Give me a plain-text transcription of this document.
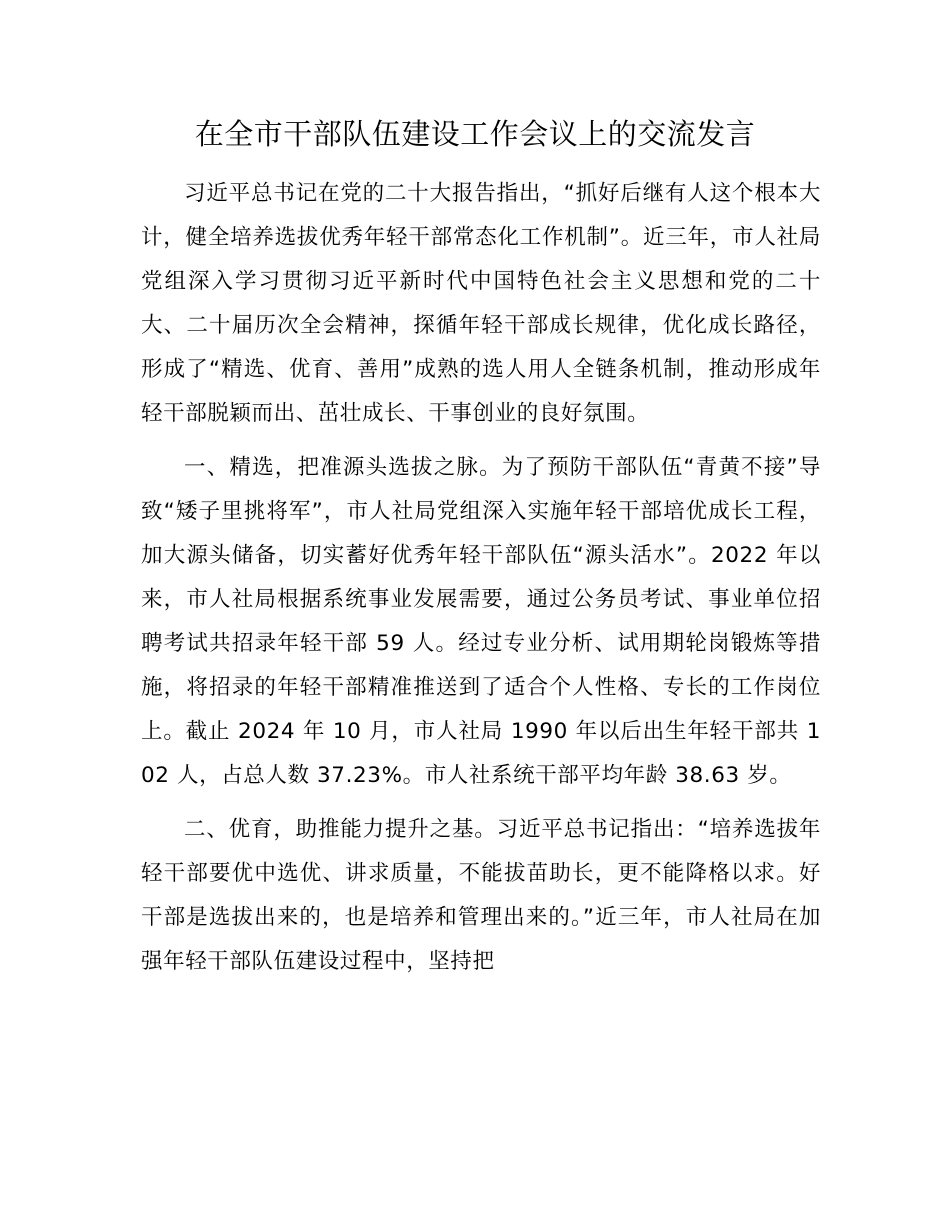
在全市干部队伍建设工作会议上的交流发言

习近平总书记在党的二十大报告指出，“抓好后继有人这个根本大计，健全培养选拔优秀年轻干部常态化工作机制”。近三年，市人社局党组深入学习贯彻习近平新时代中国特色社会主义思想和党的二十大、二十届历次全会精神，探循年轻干部成长规律，优化成长路径，形成了“精选、优育、善用”成熟的选人用人全链条机制，推动形成年轻干部脱颖而出、茁壮成长、干事创业的良好氛围。

一、精选，把准源头选拔之脉。为了预防干部队伍“青黄不接”导致“矮子里挑将军”，市人社局党组深入实施年轻干部培优成长工程，加大源头储备，切实蓄好优秀年轻干部队伍“源头活水”。2022 年以来，市人社局根据系统事业发展需要，通过公务员考试、事业单位招聘考试共招录年轻干部 59 人。经过专业分析、试用期轮岗锻炼等措施，将招录的年轻干部精准推送到了适合个人性格、专长的工作岗位上。截止 2024 年 10 月，市人社局 1990 年以后出生年轻干部共 102 人，占总人数 37.23%。市人社系统干部平均年龄 38.63 岁。

二、优育，助推能力提升之基。习近平总书记指出：“培养选拔年轻干部要优中选优、讲求质量，不能拔苗助长，更不能降格以求。好干部是选拔出来的，也是培养和管理出来的。”近三年，市人社局在加强年轻干部队伍建设过程中，坚持把
